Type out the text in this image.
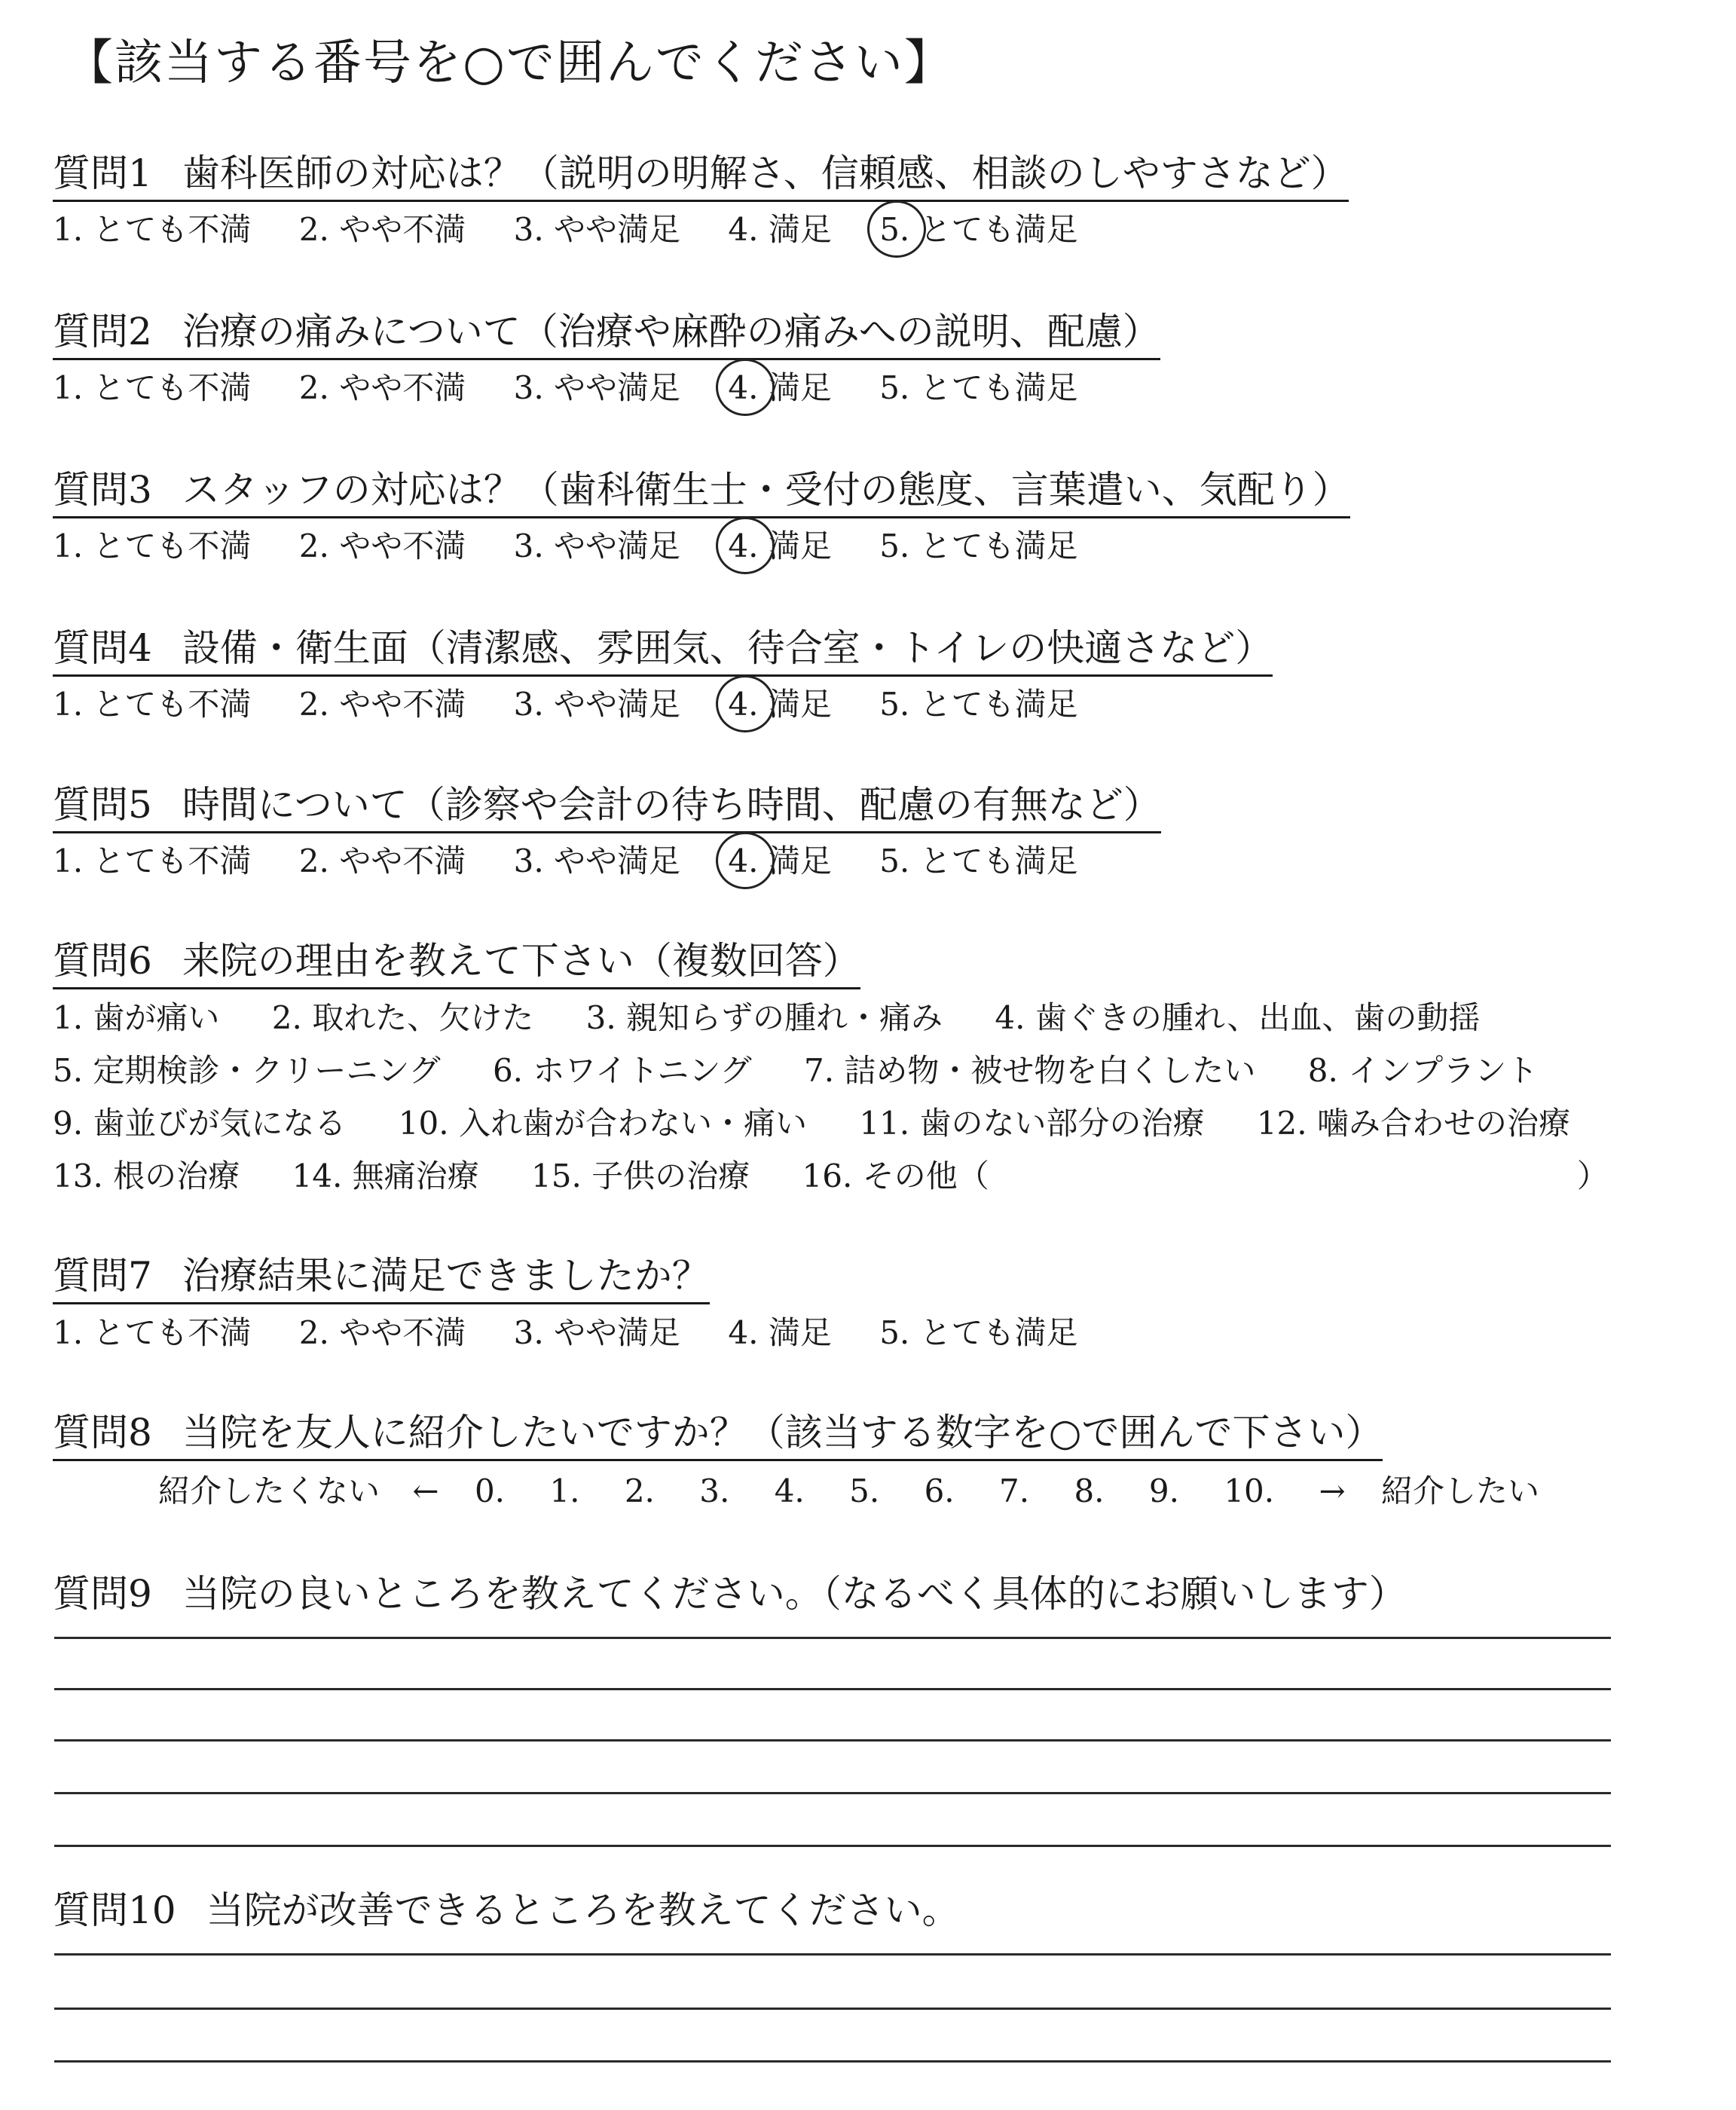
【該当する番号を○で囲んでください】
質問1 歯科医師の対応は？（説明の明解さ、信頼感、相談のしやすさなど）
1. とても不満 2. やや不満 3. やや満足 4. 満足 5. とても満足
質問2 治療の痛みについて（治療や麻酔の痛みへの説明、配慮）
1. とても不満 2. やや不満 3. やや満足 4. 満足 5. とても満足
質問3 スタッフの対応は？（歯科衛生士・受付の態度、言葉遣い、気配り）
1. とても不満 2. やや不満 3. やや満足 4. 満足 5. とても満足
質問4 設備・衛生面（清潔感、雰囲気、待合室・トイレの快適さなど）
1. とても不満 2. やや不満 3. やや満足 4. 満足 5. とても満足
質問5 時間について（診察や会計の待ち時間、配慮の有無など）
1. とても不満 2. やや不満 3. やや満足 4. 満足 5. とても満足
質問6 来院の理由を教えて下さい（複数回答）
1. 歯が痛い 2. 取れた、欠けた 3. 親知らずの腫れ・痛み 4. 歯ぐきの腫れ、出血、歯の動揺
5. 定期検診・クリーニング 6. ホワイトニング 7. 詰め物・被せ物を白くしたい 8. インプラント
9. 歯並びが気になる 10. 入れ歯が合わない・痛い 11. 歯のない部分の治療 12. 噛み合わせの治療
13. 根の治療 14. 無痛治療 15. 子供の治療 16. その他（	）
質問7 治療結果に満足できましたか？
1. とても不満 2. やや不満 3. やや満足 4. 満足 5. とても満足
質問8 当院を友人に紹介したいですか？（該当する数字を○で囲んで下さい）
紹介したくない ← 0. 1. 2. 3. 4. 5. 6. 7. 8. 9. 10. → 紹介したい
質問9 当院の良いところを教えてください。（なるべく具体的にお願いします）
質問10 当院が改善できるところを教えてください。
